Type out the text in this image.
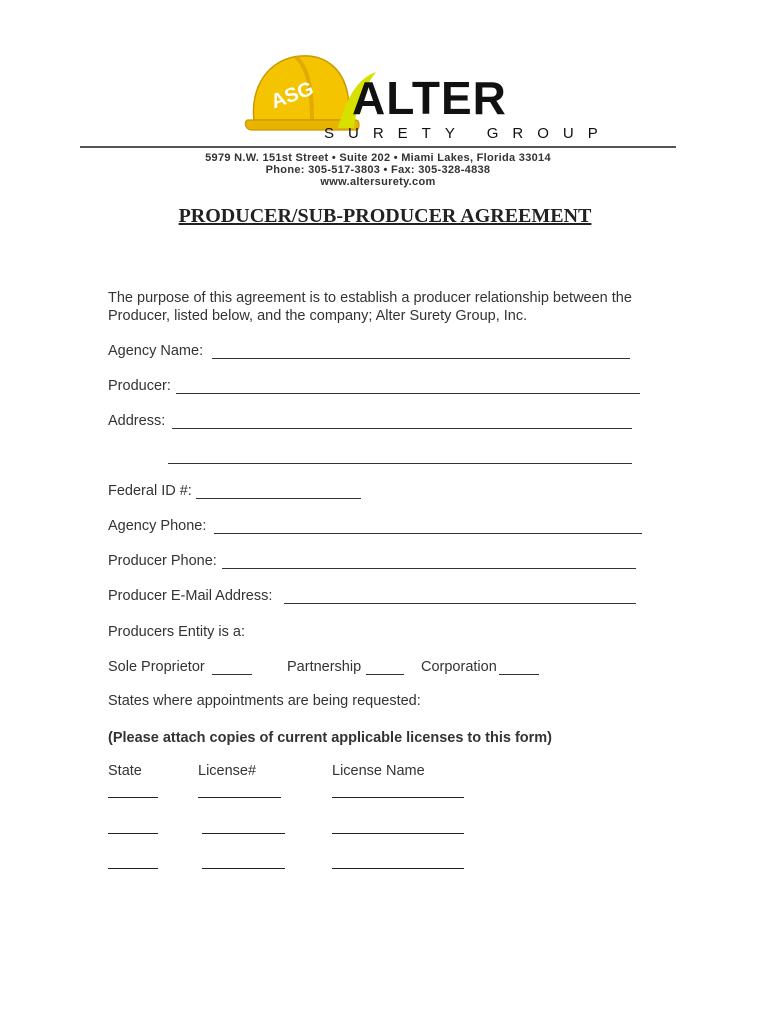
ASG ALTER
SURETY GROUP
5979 N.W. 151st Street • Suite 202 • Miami Lakes, Florida 33014
Phone: 305-517-3803 • Fax: 305-328-4838
www.altersurety.com
PRODUCER/SUB-PRODUCER AGREEMENT
The purpose of this agreement is to establish a producer relationship between the Producer, listed below, and the company; Alter Surety Group, Inc.
Agency Name:
Producer:
Address:
Federal ID #:
Agency Phone:
Producer Phone:
Producer E-Mail Address:
Producers Entity is a:
Sole Proprietor	Partnership	Corporation
States where appointments are being requested:
(Please attach copies of current applicable licenses to this form)
State	License#	License Name
